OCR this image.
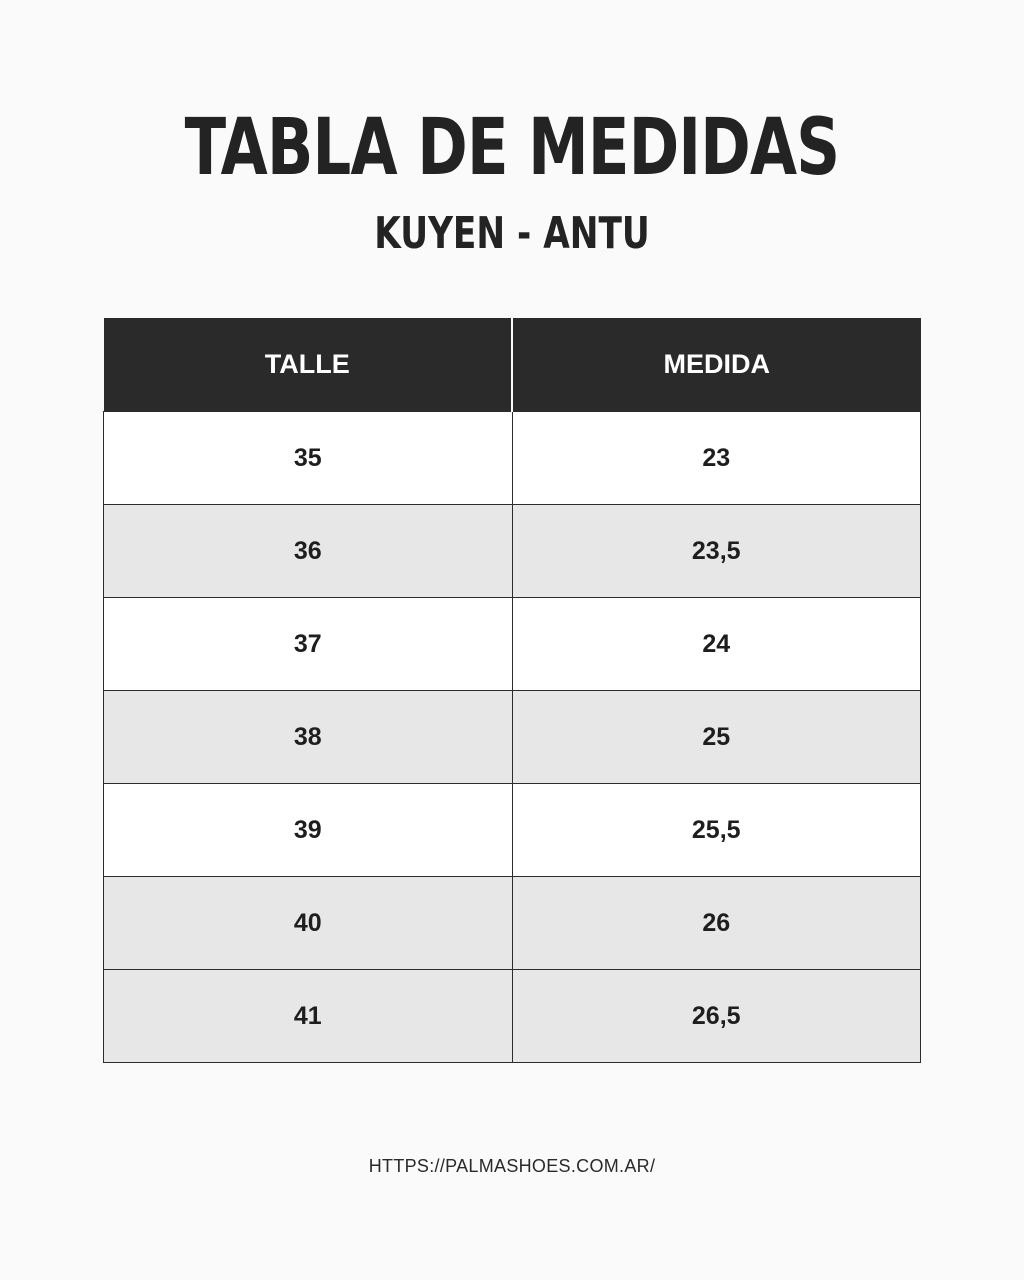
TABLA DE MEDIDAS
KUYEN - ANTU
TALLE	MEDIDA
35	23
36	23,5
37	24
38	25
39	25,5
40	26
41	26,5
HTTPS://PALMASHOES.COM.AR/
